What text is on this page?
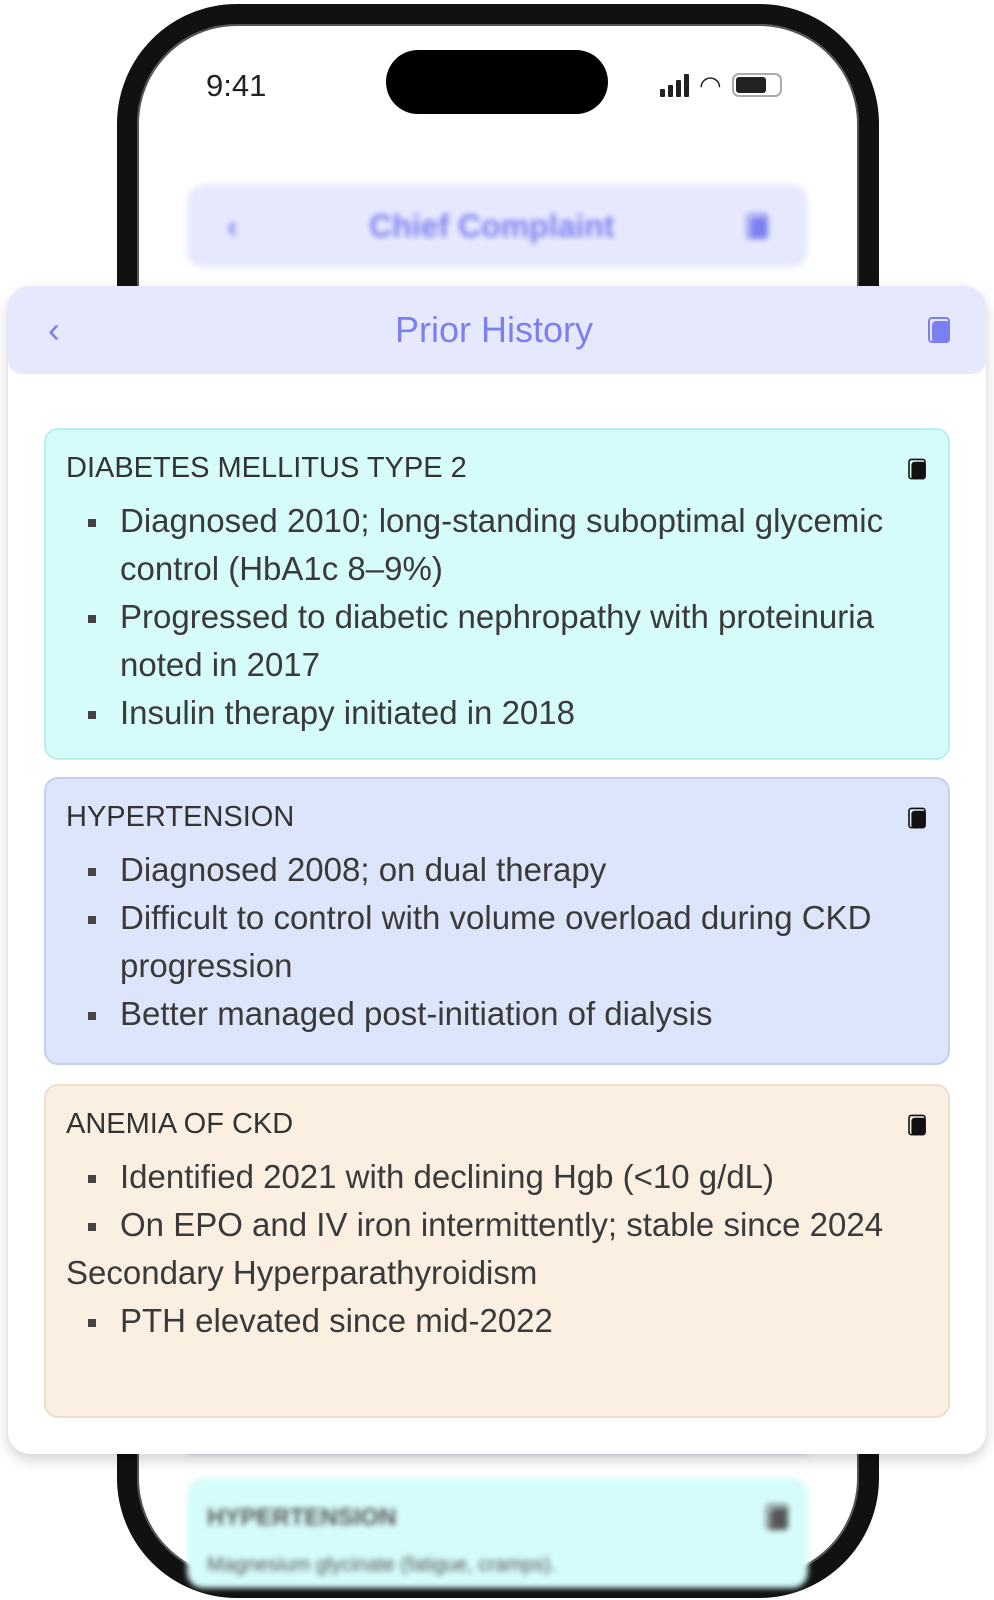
9:41	◠
‹	Chief Complaint
HYPERTENSION
Magnesium glycinate (fatigue, cramps).
‹	Prior History
DIABETES MELLITUS TYPE 2
Diagnosed 2010; long-standing suboptimal glycemic control (HbA1c 8–9%)
Progressed to diabetic nephropathy with proteinuria noted in 2017
Insulin therapy initiated in 2018
HYPERTENSION
Diagnosed 2008; on dual therapy
Difficult to control with volume overload during CKD progression
Better managed post-initiation of dialysis
ANEMIA OF CKD
Identified 2021 with declining Hgb (<10 g/dL)
On EPO and IV iron intermittently; stable since 2024

Secondary Hyperparathyroidism

PTH elevated since mid-2022
